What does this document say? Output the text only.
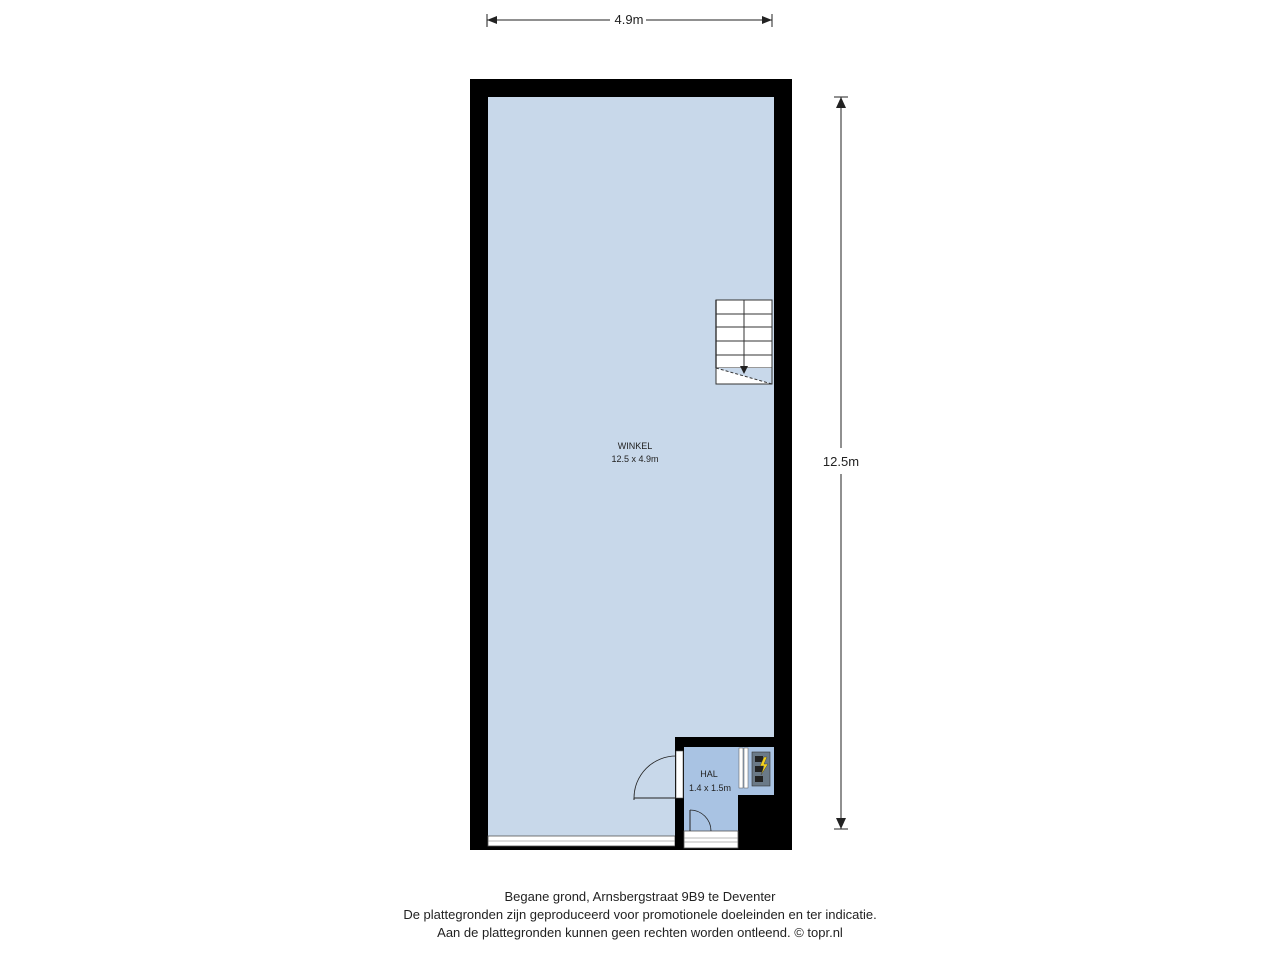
4.9m
12.5m
WINKEL
12.5 x 4.9m
HAL
1.4 x 1.5m
Begane grond, Arnsbergstraat 9B9 te Deventer
De plattegronden zijn geproduceerd voor promotionele doeleinden en ter indicatie.
Aan de plattegronden kunnen geen rechten worden ontleend. © topr.nl
